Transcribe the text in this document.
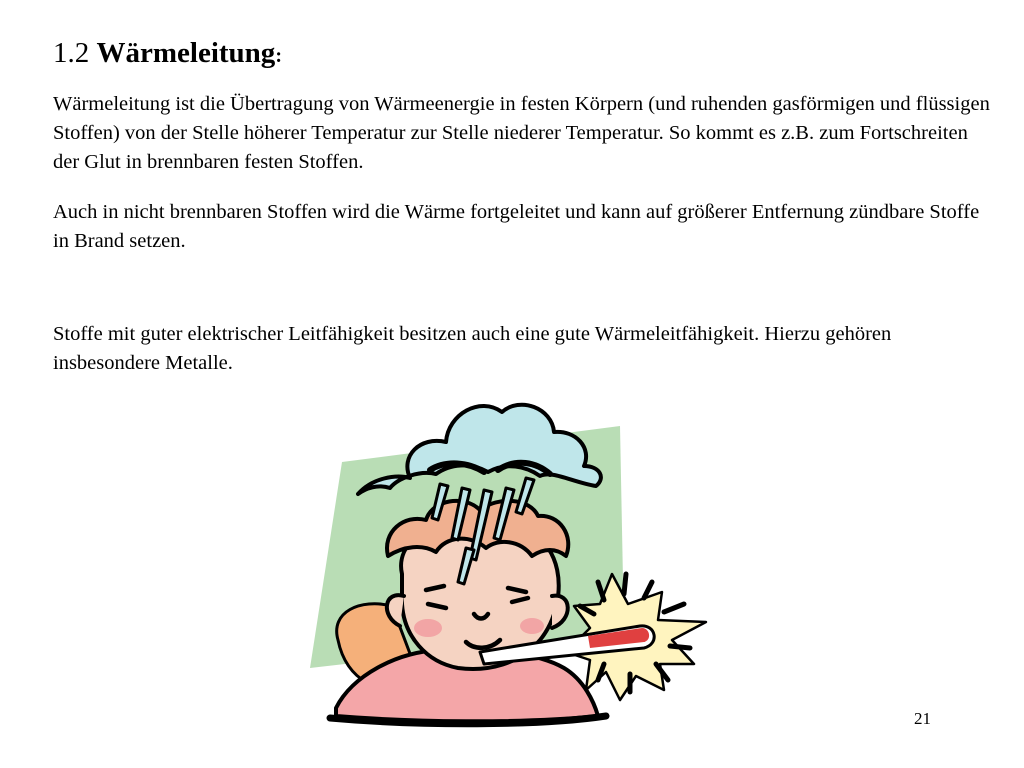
1.2 Wärmeleitung:

Wärmeleitung ist die Übertragung von Wärmeenergie in festen Körpern (und ruhenden gasförmigen und flüssigen Stoffen) von der Stelle höherer Temperatur zur Stelle niederer Temperatur. So kommt es z.B. zum Fortschreiten der Glut in brennbaren festen Stoffen.

Auch in nicht brennbaren Stoffen wird die Wärme fortgeleitet und kann auf größerer Entfernung zündbare Stoffe in Brand setzen.

Stoffe mit guter elektrischer Leitfähigkeit besitzen auch eine gute Wärmeleitfähigkeit. Hierzu gehören insbesondere Metalle.

21
